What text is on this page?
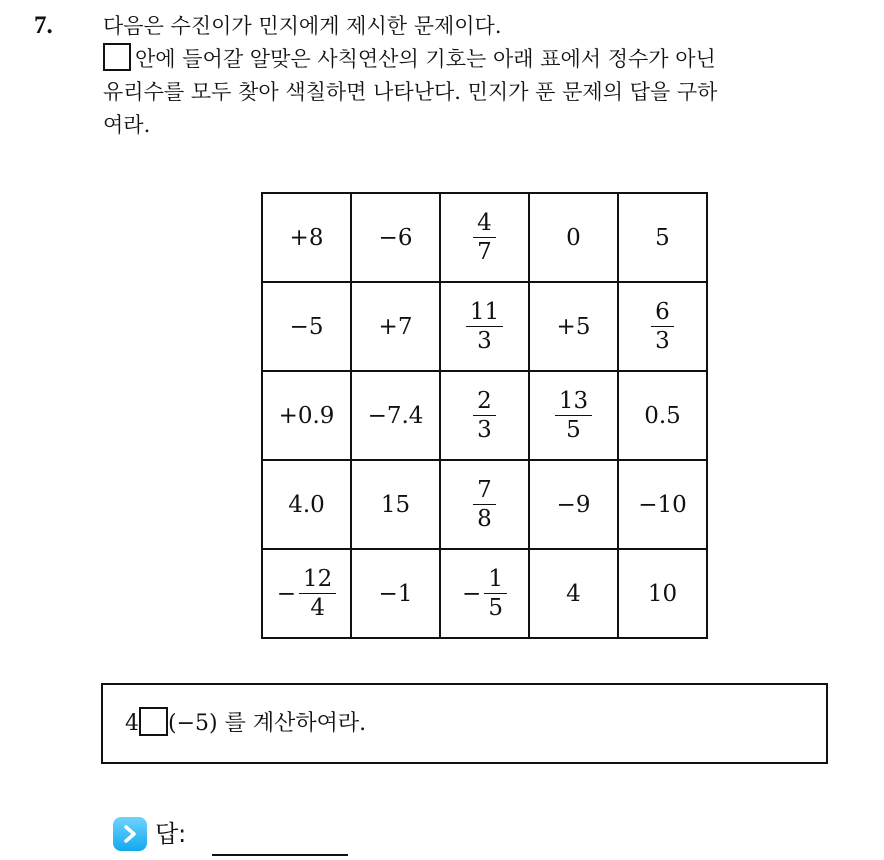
7. 다음은 수진이가 민지에게 제시한 문제이다.
안에 들어갈 알맞은 사칙연산의 기호는 아래 표에서 정수가 아닌
유리수를 모두 찾아 색칠하면 나타난다. 민지가 푼 문제의 답을 구하
여라.
+8	−6	$\frac{4}{7}$	0	5
−5	+7	$\frac{11}{3}$	+5	$\frac{6}{3}$

+0.9	−7.4	$\frac{2}{3}$	$\frac{13}{5}$	0.5
4.0	15	$\frac{7}{8}$	−9	−10
− $\frac{12}{4}$	−1	− $\frac{1}{5}$	4	10
4 (−5) 를 계산하여라.
답:
